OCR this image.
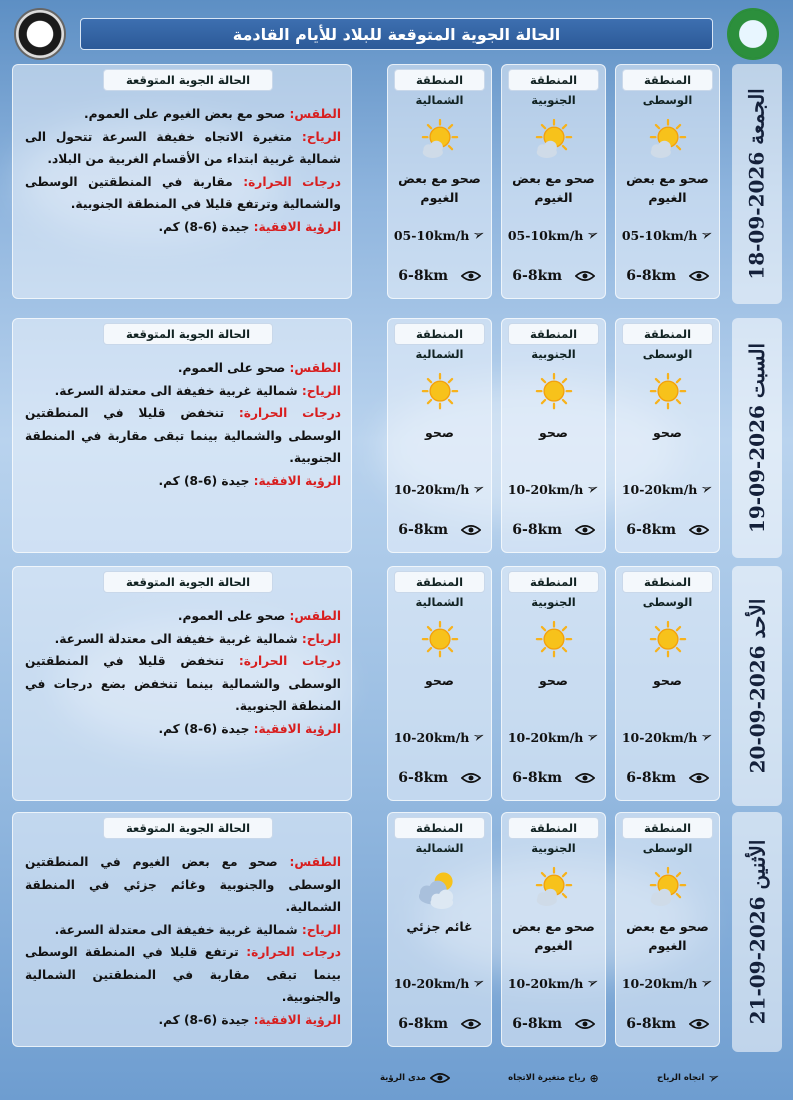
الحالة الجوية المتوقعة للبلاد للأيام القادمة
الجمعة 2026-09-18
المنطقة الوسطى
صحو مع بعض الغيوم
05-10km/h ➢
6-8km
المنطقة الجنوبية
صحو مع بعض الغيوم
05-10km/h ➢
6-8km
المنطقة الشمالية
صحو مع بعض الغيوم
05-10km/h ➢
6-8km
الحالة الجوية المتوقعة
الطقس: صحو مع بعض الغيوم على العموم.
الرياح: متغيرة الاتجاه خفيفة السرعة تتحول الى شمالية غربية ابتداء من الأقسام الغربية من البلاد.
درجات الحرارة: مقاربة في المنطقتين الوسطى والشمالية وترتفع قليلا في المنطقة الجنوبية.
الرؤية الافقية: جيدة (6-8) كم.
السبت 2026-09-19
المنطقة الوسطى
صحو
10-20km/h ➢
6-8km
المنطقة الجنوبية
صحو
10-20km/h ➢
6-8km
المنطقة الشمالية
صحو
10-20km/h ➢
6-8km
الحالة الجوية المتوقعة
الطقس: صحو على العموم.
الرياح: شمالية غربية خفيفة الى معتدلة السرعة.
درجات الحرارة: تنخفض قليلا في المنطقتين الوسطى والشمالية بينما تبقى مقاربة في المنطقة الجنوبية.
الرؤية الافقية: جيدة (6-8) كم.
الأحد 2026-09-20
المنطقة الوسطى
صحو
10-20km/h ➢
6-8km
المنطقة الجنوبية
صحو
10-20km/h ➢
6-8km
المنطقة الشمالية
صحو
10-20km/h ➢
6-8km
الحالة الجوية المتوقعة
الطقس: صحو على العموم.
الرياح: شمالية غربية خفيفة الى معتدلة السرعة.
درجات الحرارة: تنخفض قليلا في المنطقتين الوسطى والشمالية بينما تنخفض بضع درجات في المنطقة الجنوبية.
الرؤية الافقية: جيدة (6-8) كم.
الأثنين 2026-09-21
المنطقة الوسطى
صحو مع بعض الغيوم
10-20km/h ➢
6-8km
المنطقة الجنوبية
صحو مع بعض الغيوم
10-20km/h ➢
6-8km
المنطقة الشمالية
غائم جزئي
10-20km/h ➢
6-8km
الحالة الجوية المتوقعة
الطقس: صحو مع بعض الغيوم في المنطقتين الوسطى والجنوبية وغائم جزئي في المنطقة الشمالية.
الرياح: شمالية غربية خفيفة الى معتدلة السرعة.
درجات الحرارة: ترتفع قليلا في المنطقة الوسطى بينما تبقى مقاربة في المنطقتين الشمالية والجنوبية.
الرؤية الافقية: جيدة (6-8) كم.
➢
اتجاه الرياح
⊕
رياح متغيرة الاتجاه
مدى الرؤية
